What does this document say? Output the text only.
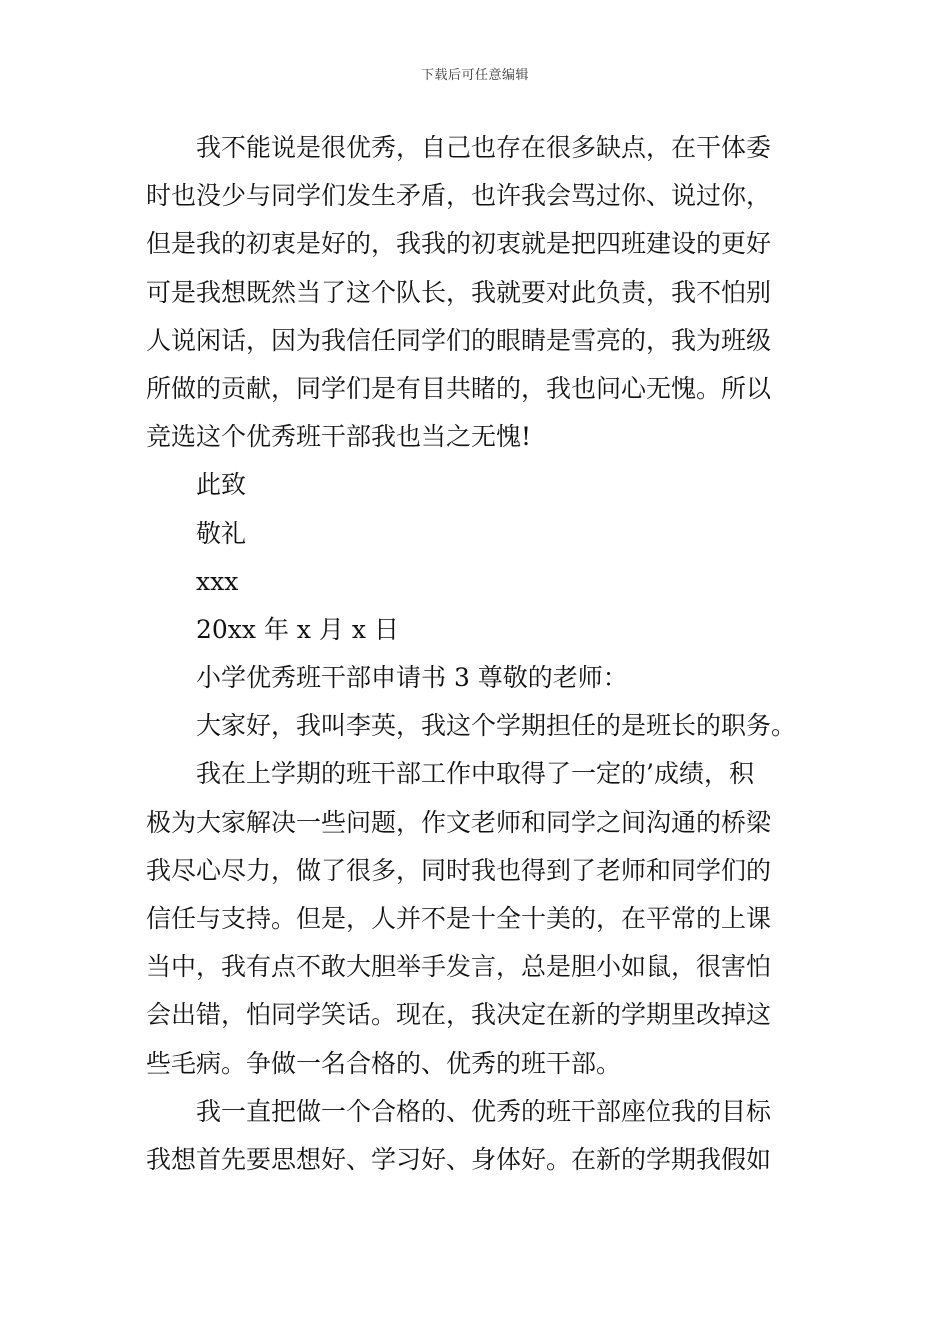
下载后可任意编辑
我不能说是很优秀，自己也存在很多缺点，在干体委
时也没少与同学们发生矛盾，也许我会骂过你、说过你，
但是我的初衷是好的，我我的初衷就是把四班建设的更好
可是我想既然当了这个队长，我就要对此负责，我不怕别
人说闲话，因为我信任同学们的眼睛是雪亮的，我为班级
所做的贡献，同学们是有目共睹的，我也问心无愧。所以
竞选这个优秀班干部我也当之无愧!
此致
敬礼
xxx
20xx 年 x 月 x 日
小学优秀班干部申请书 3 尊敬的老师：
大家好，我叫李英，我这个学期担任的是班长的职务。
我在上学期的班干部工作中取得了一定的’成绩，积
极为大家解决一些问题，作文老师和同学之间沟通的桥梁
我尽心尽力，做了很多，同时我也得到了老师和同学们的
信任与支持。但是，人并不是十全十美的，在平常的上课
当中，我有点不敢大胆举手发言，总是胆小如鼠，很害怕
会出错，怕同学笑话。现在，我决定在新的学期里改掉这
些毛病。争做一名合格的、优秀的班干部。
我一直把做一个合格的、优秀的班干部座位我的目标
我想首先要思想好、学习好、身体好。在新的学期我假如
